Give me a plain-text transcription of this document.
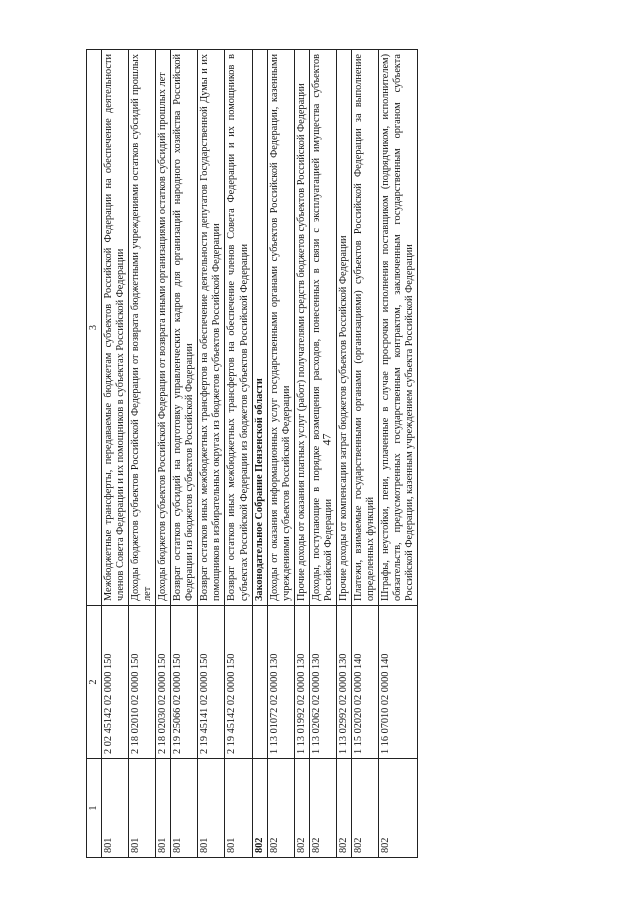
47
1	2	3
801	2 02 45142 02 0000 150	Межбюджетные трансферты, передаваемые бюджетам субъектов Российской Федерации на обеспечение деятельности членов Совета Федерации и их помощников в субъектах Российской Федерации
801	2 18 02010 02 0000 150	Доходы бюджетов субъектов Российской Федерации от возврата бюджетными учреждениями остатков субсидий прошлых лет
801	2 18 02030 02 0000 150	Доходы бюджетов субъектов Российской Федерации от возврата иными организациями остатков субсидий прошлых лет
801	2 19 25066 02 0000 150	Возврат остатков субсидий на подготовку управленческих кадров для организаций народного хозяйства Российской Федерации из бюджетов субъектов Российской Федерации
801	2 19 45141 02 0000 150	Возврат остатков иных межбюджетных трансфертов на обеспечение деятельности депутатов Государственной Думы и их помощников в избирательных округах из бюджетов субъектов Российской Федерации
801	2 19 45142 02 0000 150	Возврат остатков иных межбюджетных трансфертов на обеспечение членов Совета Федерации и их помощников в субъектах Российской Федерации из бюджетов субъектов Российской Федерации
802		Законодательное Собрание Пензенской области
802	1 13 01072 02 0000 130	Доходы от оказания информационных услуг государственными органами субъектов Российской Федерации, казенными учреждениями субъектов Российской Федерации
802	1 13 01992 02 0000 130	Прочие доходы от оказания платных услуг (работ) получателями средств бюджетов субъектов Российской Федерации
802	1 13 02062 02 0000 130	Доходы, поступающие в порядке возмещения расходов, понесенных в связи с эксплуатацией имущества субъектов Российской Федерации
802	1 13 02992 02 0000 130	Прочие доходы от компенсации затрат бюджетов субъектов Российской Федерации
802	1 15 02020 02 0000 140	Платежи, взимаемые государственными органами (организациями) субъектов Российской Федерации за выполнение определенных функций
802	1 16 07010 02 0000 140	Штрафы, неустойки, пени, уплаченные в случае просрочки исполнения поставщиком (подрядчиком, исполнителем) обязательств, предусмотренных государственным контрактом, заключенным государственным органом субъекта Российской Федерации, казенным учреждением субъекта Российской Федерации
